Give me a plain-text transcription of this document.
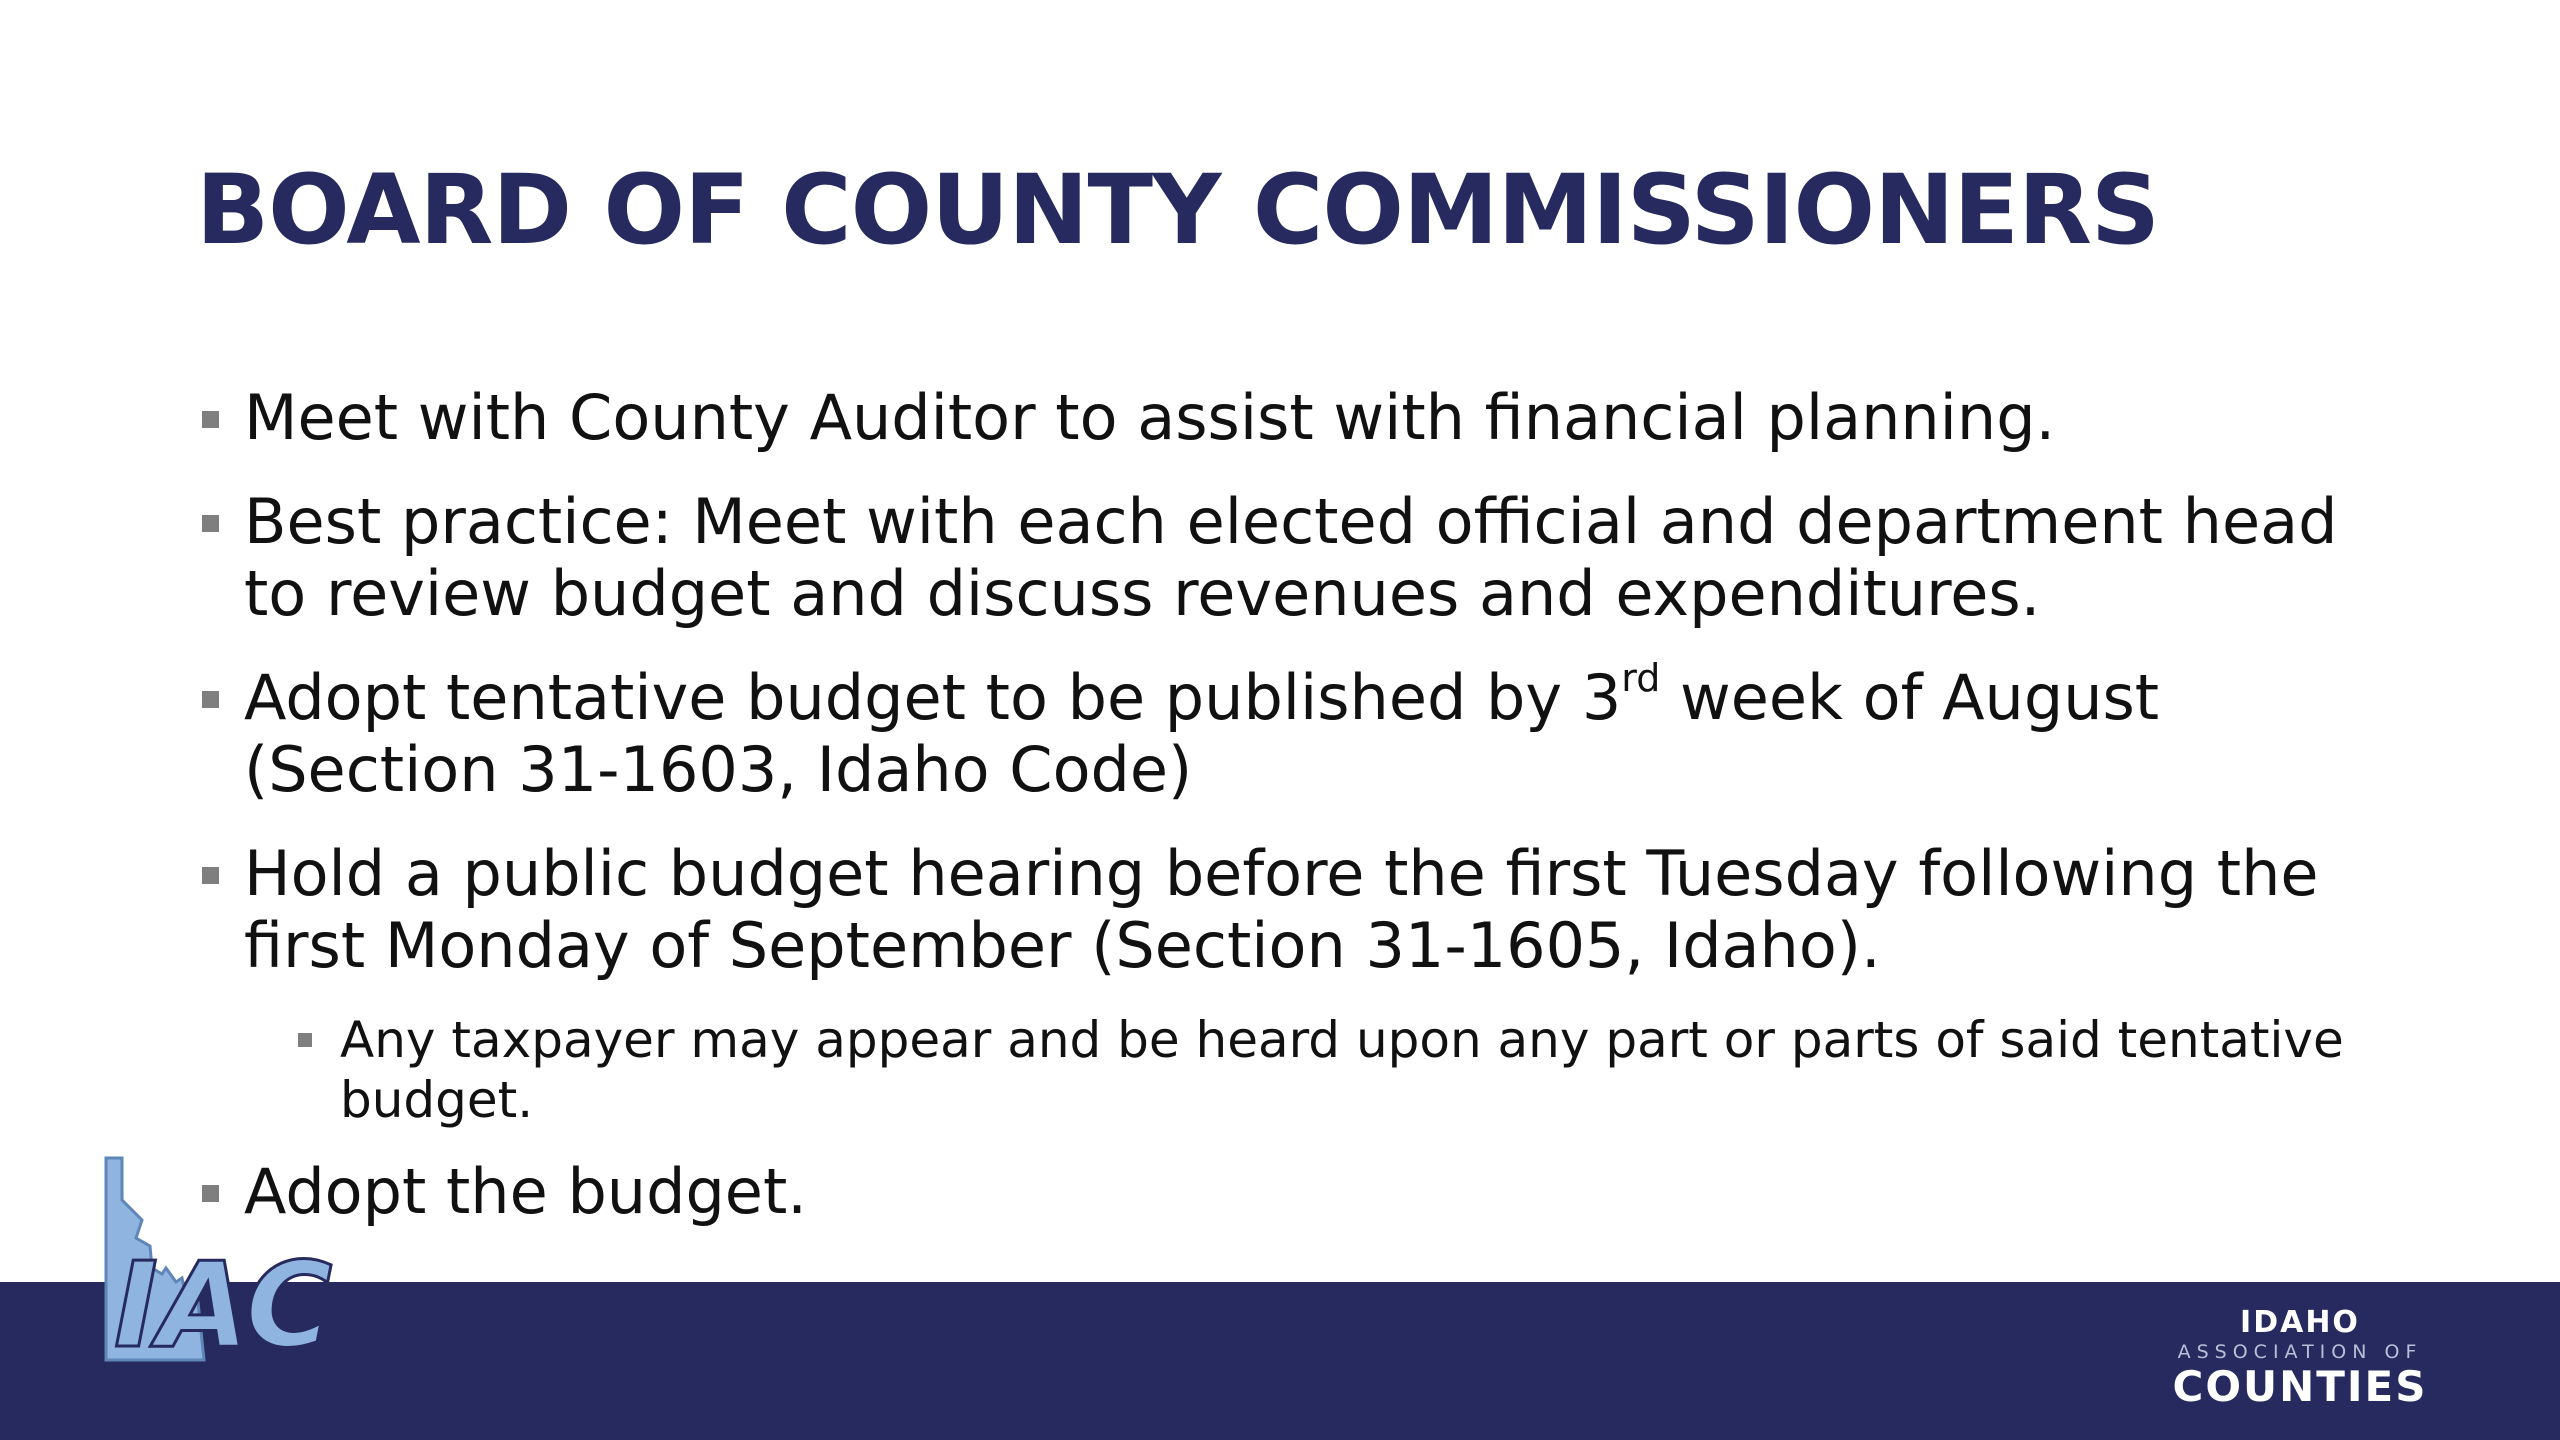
BOARD OF COUNTY COMMISSIONERS
Meet with County Auditor to assist with financial planning.
Best practice: Meet with each elected official and department head to review budget and discuss revenues and expenditures.
Adopt tentative budget to be published by 3rd week of August (Section 31-1603, Idaho Code)
Hold a public budget hearing before the first Tuesday following the first Monday of September (Section 31-1605, Idaho).
Any taxpayer may appear and be heard upon any part or parts of said tentative budget.
Adopt the budget.
IAC	IDAHO
ASSOCIATION OF
COUNTIES
